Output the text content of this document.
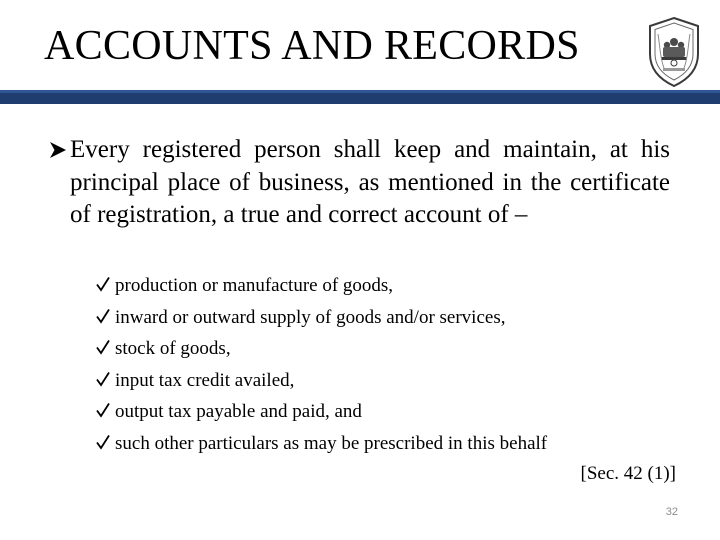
ACCOUNTS AND RECORDS
Every registered person shall keep and maintain, at his principal place of business, as mentioned in the certificate of registration, a true and correct account of –
production or manufacture of goods,
inward or outward supply of goods and/or services,
stock of goods,
input tax credit availed,
output tax payable and paid, and
such other particulars as may be prescribed in this behalf
[Sec. 42 (1)]
32
